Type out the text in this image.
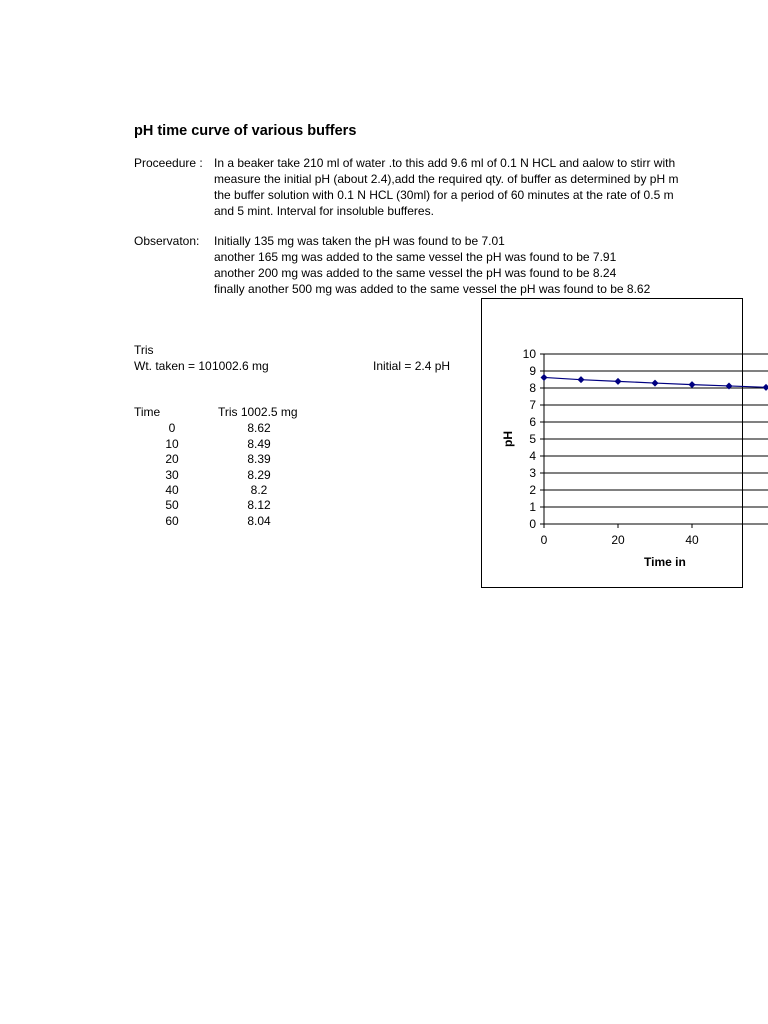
pH time curve of various buffers
Proceedure : In a beaker take 210 ml of water .to this add 9.6 ml of 0.1 N HCL and aalow to stirr with
measure the initial pH (about 2.4),add the required qty. of buffer as determined by pH m
the buffer solution with 0.1 N HCL (30ml) for a period of 60 minutes at the rate of 0.5 m
and 5 mint. Interval for insoluble bufferes.
Observaton: Initially 135 mg was taken the pH was found to be 7.01
another 165 mg was added to the same vessel the pH was found to be 7.91
another 200 mg was added to the same vessel the pH was found to be 8.24
finally another 500 mg was added to the same vessel the pH was found to be 8.62
Tris
Wt. taken = 10 1002.6 mg	Initial = 2.4 pH
Time	Tris 1002.5 mg
0	8.62
10	8.49
20	8.39
30	8.29
40	8.2
50	8.12
60	8.04	0
1
2
3
4
5
6
7
8
9
10
0	20	40
pH
Time in
